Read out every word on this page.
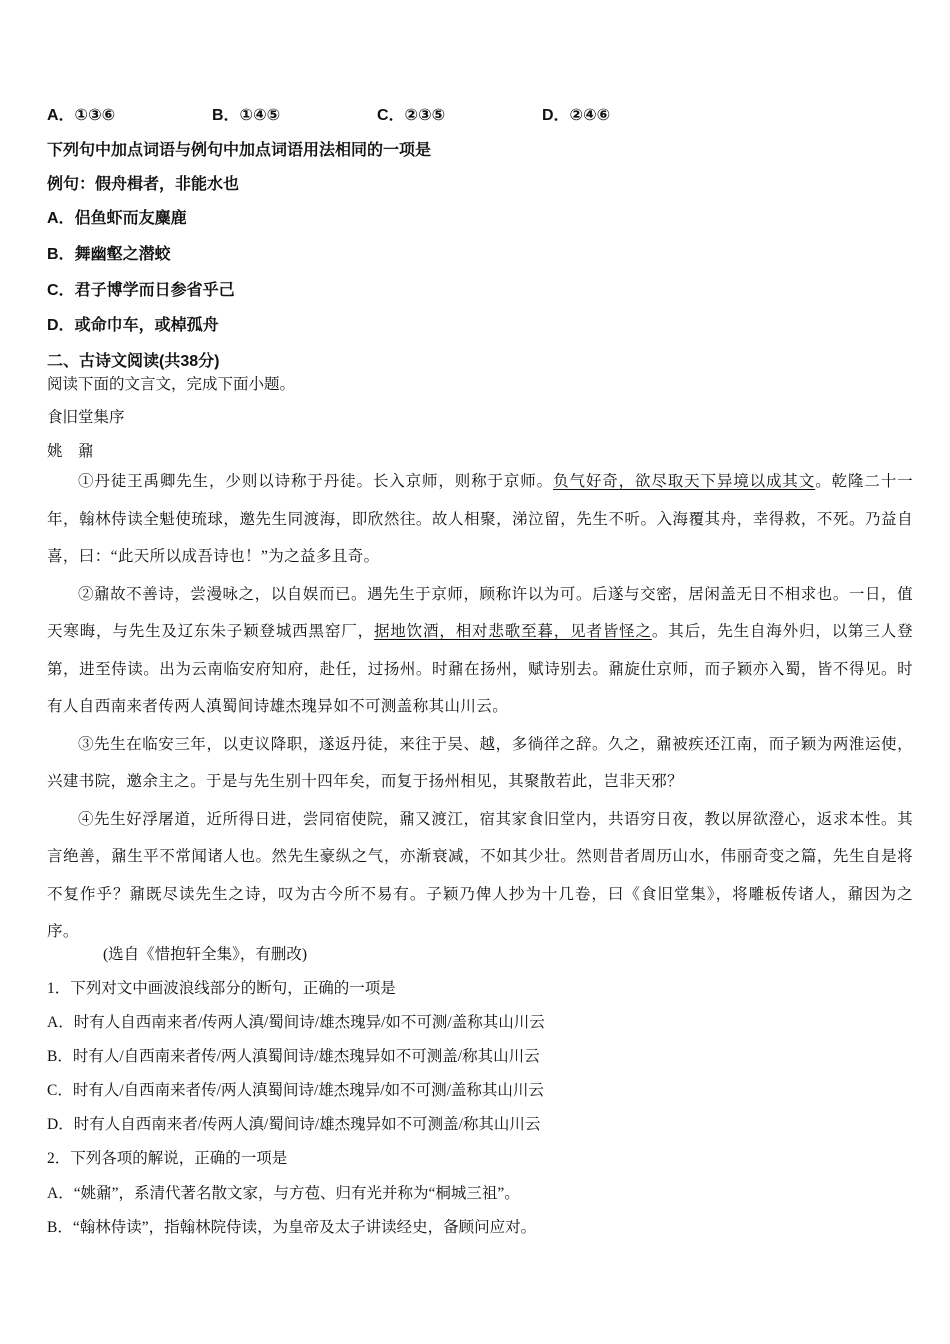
A．①③⑥	B．①④⑤	C．②③⑤	D．②④⑥
下列句中加点词语与例句中加点词语用法相同的一项是
例句：假舟楫者，非能水也
A．侣鱼虾而友麋鹿
B．舞幽壑之潜蛟
C．君子博学而日参省乎己
D．或命巾车，或棹孤舟
二、古诗文阅读(共38分)
阅读下面的文言文，完成下面小题。
食旧堂集序
姚　鼐

①丹徒王禹卿先生，少则以诗称于丹徒。长入京师，则称于京师。负气好奇，欲尽取天下异境以成其文。乾隆二十一年，翰林侍读全魁使琉球，邀先生同渡海，即欣然往。故人相聚，涕泣留，先生不听。入海覆其舟，幸得救，不死。乃益自喜，曰：“此天所以成吾诗也！”为之益多且奇。

②鼐故不善诗，尝漫咏之，以自娱而已。遇先生于京师，顾称许以为可。后遂与交密，居闲盖无日不相求也。一日，值天寒晦，与先生及辽东朱子颖登城西黑窑厂，据地饮酒，相对悲歌至暮，见者皆怪之。其后，先生自海外归，以第三人登第，进至侍读。出为云南临安府知府，赴任，过扬州。时鼐在扬州，赋诗别去。鼐旋仕京师，而子颖亦入蜀，皆不得见。时有人自西南来者传两人滇蜀间诗雄杰瑰异如不可测盖称其山川云。

③先生在临安三年，以吏议降职，遂返丹徒，来往于吴、越，多徜徉之辞。久之，鼐被疾还江南，而子颖为两淮运使，兴建书院，邀余主之。于是与先生别十四年矣，而复于扬州相见，其聚散若此，岂非天邪？

④先生好浮屠道，近所得日进，尝同宿使院，鼐又渡江，宿其家食旧堂内，共语穷日夜，教以屏欲澄心，返求本性。其言绝善，鼐生平不常闻诸人也。然先生豪纵之气，亦渐衰减，不如其少壮。然则昔者周历山水，伟丽奇变之篇，先生自是将不复作乎？鼐既尽读先生之诗，叹为古今所不易有。子颖乃俾人抄为十几卷，曰《食旧堂集》，将雕板传诸人，鼐因为之序。

(选自《惜抱轩全集》，有删改)
1．下列对文中画波浪线部分的断句，正确的一项是
A．时有人自西南来者/传两人滇/蜀间诗/雄杰瑰异/如不可测/盖称其山川云
B．时有人/自西南来者传/两人滇蜀间诗/雄杰瑰异如不可测盖/称其山川云
C．时有人/自西南来者传/两人滇蜀间诗/雄杰瑰异/如不可测/盖称其山川云
D．时有人自西南来者/传两人滇/蜀间诗/雄杰瑰异如不可测盖/称其山川云
2．下列各项的解说，正确的一项是
A．“姚鼐”，系清代著名散文家，与方苞、归有光并称为“桐城三祖”。
B．“翰林侍读”，指翰林院侍读，为皇帝及太子讲读经史，备顾问应对。
